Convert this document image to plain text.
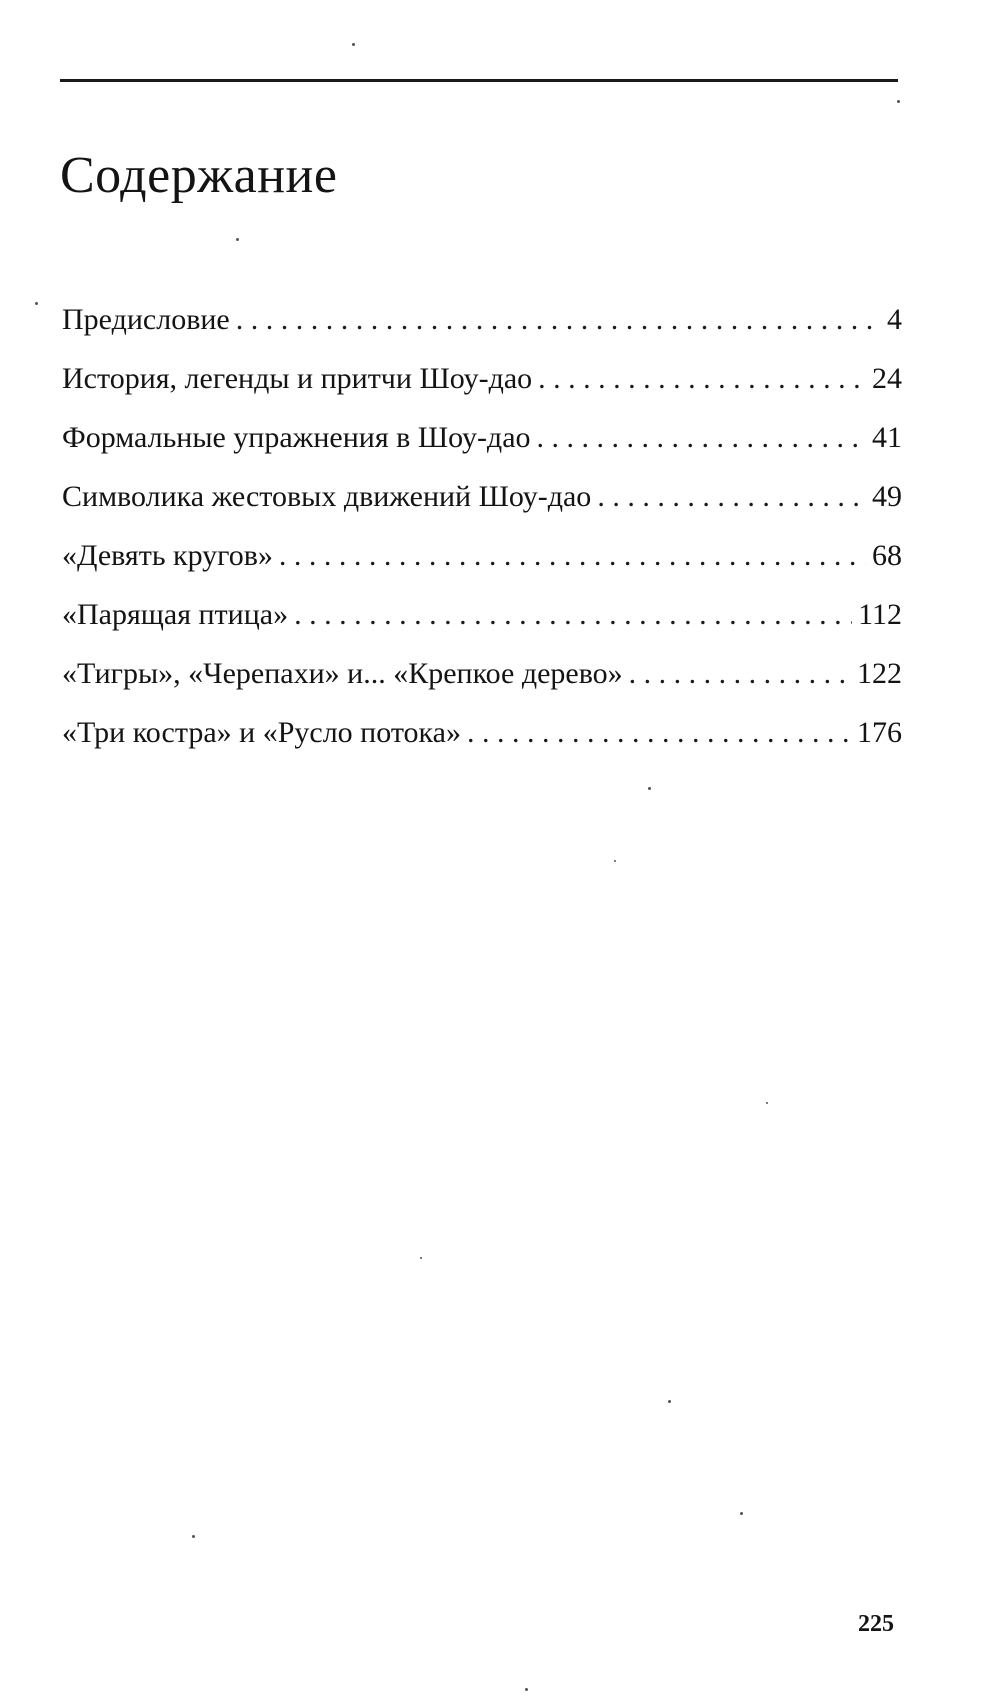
Содержание
Предисловие . . .	4
История, легенды и притчи Шоу-дао . . .	24
Формальные упражнения в Шоу-дао . . .	41
Символика жестовых движений Шоу-дао . . .	49
«Девять кругов» . . .	68
«Парящая птица» . . .	112
«Тигры», «Черепахи» и... «Крепкое дерево» . . .	122
«Три костра» и «Русло потока» . . .	176
225
